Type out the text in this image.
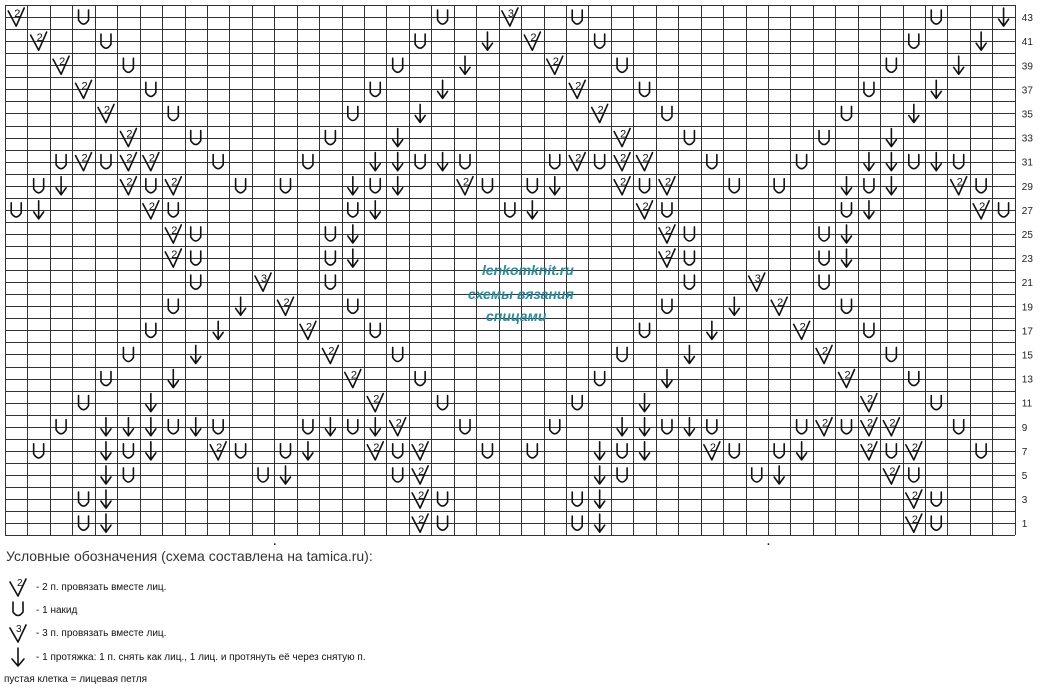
1
3
5
7
9
11
13
15
17
19
21
23
25
27
29
31
33
35
37
39
41
43
2	3
2	2
2	2
2	2
2	2
2	2
2	2 2	2	2 2
2	2	2	2	2	2
2	2	2
2	2
2	2
3	3
2	2
2	2
2	2
2	2
2	2
2	2	2 2
2	2	2	2	2	2
2	2
2	2
2	2
lenkomknit.ru
схемы вязания
спицами
Условные обозначения (схема составлена на tamica.ru):
2 - 2 п. провязать вместе лиц.
- 1 накид
3 - 3 п. провязать вместе лиц.
- 1 протяжка: 1 п. снять как лиц., 1 лиц. и протянуть её через снятую п.
пустая клетка = лицевая петля
